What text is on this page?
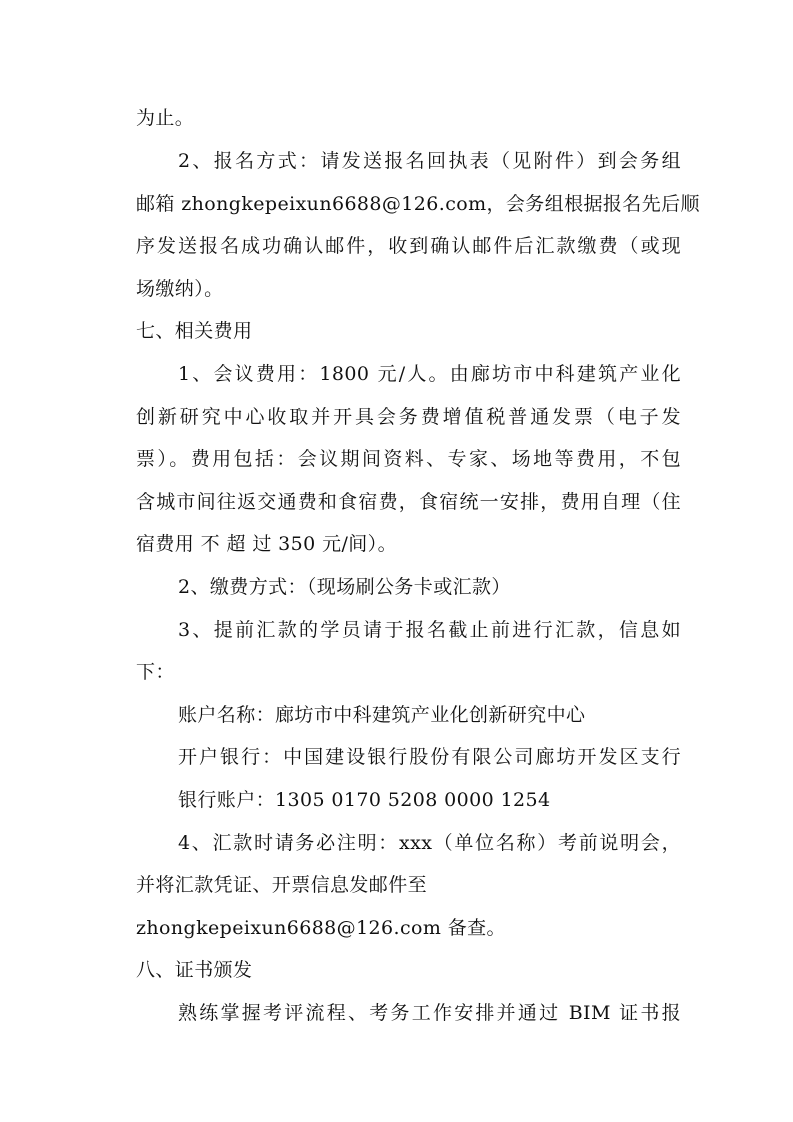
为止。
2、报名方式：请发送报名回执表（见附件）到会务组
邮箱 zhongkepeixun6688@126.com，会务组根据报名先后顺
序发送报名成功确认邮件，收到确认邮件后汇款缴费（或现
场缴纳）。
七、相关费用
1、会议费用：1800 元/人。由廊坊市中科建筑产业化
创新研究中心收取并开具会务费增值税普通发票（电子发
票）。费用包括：会议期间资料、专家、场地等费用，不包
含城市间往返交通费和食宿费，食宿统一安排，费用自理（住
宿费用 不 超 过 350 元/间）。
2、缴费方式：（现场刷公务卡或汇款）
3、提前汇款的学员请于报名截止前进行汇款，信息如
下：
账户名称：廊坊市中科建筑产业化创新研究中心
开户银行：中国建设银行股份有限公司廊坊开发区支行
银行账户：1305 0170 5208 0000 1254
4、汇款时请务必注明：xxx（单位名称）考前说明会，
并将汇款凭证、开票信息发邮件至
zhongkepeixun6688@126.com 备查。
八、证书颁发
熟练掌握考评流程、考务工作安排并通过 BIM 证书报
